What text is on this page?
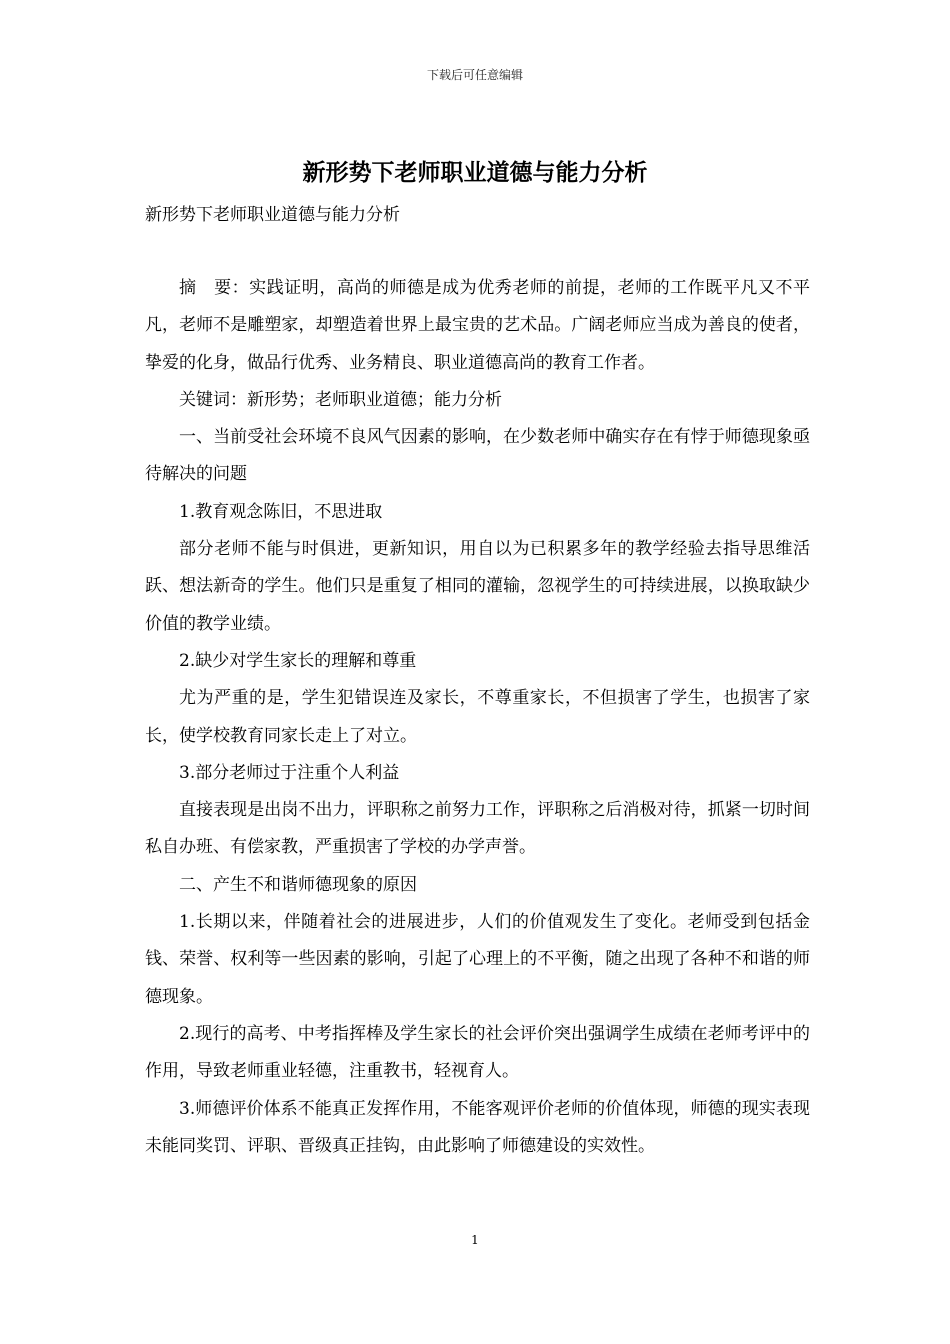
下载后可任意编辑
新形势下老师职业道德与能力分析
新形势下老师职业道德与能力分析

摘　要：实践证明，高尚的师德是成为优秀老师的前提，老师的工作既平凡又不平凡，老师不是雕塑家，却塑造着世界上最宝贵的艺术品。广阔老师应当成为善良的使者，挚爱的化身，做品行优秀、业务精良、职业道德高尚的教育工作者。

关键词：新形势；老师职业道德；能力分析

一、当前受社会环境不良风气因素的影响，在少数老师中确实存在有悖于师德现象亟待解决的问题

1.教育观念陈旧，不思进取

部分老师不能与时俱进，更新知识，用自以为已积累多年的教学经验去指导思维活跃、想法新奇的学生。他们只是重复了相同的灌输，忽视学生的可持续进展，以换取缺少价值的教学业绩。

2.缺少对学生家长的理解和尊重

尤为严重的是，学生犯错误连及家长，不尊重家长，不但损害了学生，也损害了家长，使学校教育同家长走上了对立。

3.部分老师过于注重个人利益

直接表现是出岗不出力，评职称之前努力工作，评职称之后消极对待，抓紧一切时间私自办班、有偿家教，严重损害了学校的办学声誉。

二、产生不和谐师德现象的原因

1.长期以来，伴随着社会的进展进步，人们的价值观发生了变化。老师受到包括金钱、荣誉、权利等一些因素的影响，引起了心理上的不平衡，随之出现了各种不和谐的师德现象。

2.现行的高考、中考指挥棒及学生家长的社会评价突出强调学生成绩在老师考评中的作用，导致老师重业轻德，注重教书，轻视育人。

3.师德评价体系不能真正发挥作用，不能客观评价老师的价值体现，师德的现实表现未能同奖罚、评职、晋级真正挂钩，由此影响了师德建设的实效性。

1
